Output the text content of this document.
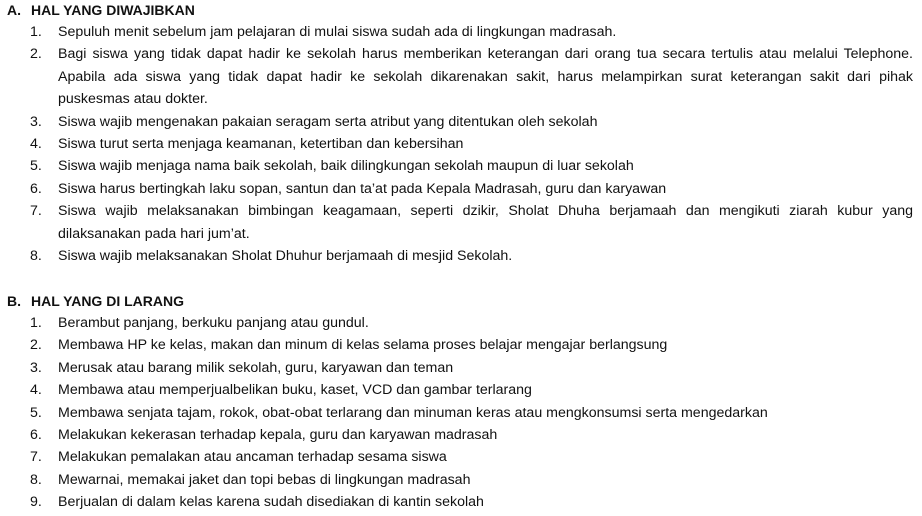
A. HAL YANG DIWAJIBKAN
1.	Sepuluh menit sebelum jam pelajaran di mulai siswa sudah ada di lingkungan madrasah.
2.	Bagi siswa yang tidak dapat hadir ke sekolah harus memberikan keterangan dari orang tua secara tertulis atau melalui Telephone. Apabila ada siswa yang tidak dapat hadir ke sekolah dikarenakan sakit, harus melampirkan surat keterangan sakit dari pihak puskesmas atau dokter.
3.	Siswa wajib mengenakan pakaian seragam serta atribut yang ditentukan oleh sekolah
4.	Siswa turut serta menjaga keamanan, ketertiban dan kebersihan
5.	Siswa wajib menjaga nama baik sekolah, baik dilingkungan sekolah maupun di luar sekolah
6.	Siswa harus bertingkah laku sopan, santun dan ta’at pada Kepala Madrasah, guru dan karyawan
7.	Siswa wajib melaksanakan bimbingan keagamaan, seperti dzikir, Sholat Dhuha berjamaah dan mengikuti ziarah kubur yang dilaksanakan pada hari jum’at.
8.	Siswa wajib melaksanakan Sholat Dhuhur berjamaah di mesjid Sekolah.
B. HAL YANG DI LARANG
1.	Berambut panjang, berkuku panjang atau gundul.
2.	Membawa HP ke kelas, makan dan minum di kelas selama proses belajar mengajar berlangsung
3.	Merusak atau barang milik sekolah, guru, karyawan dan teman
4.	Membawa atau memperjualbelikan buku, kaset, VCD dan gambar terlarang
5.	Membawa senjata tajam, rokok, obat-obat terlarang dan minuman keras atau mengkonsumsi serta mengedarkan
6.	Melakukan kekerasan terhadap kepala, guru dan karyawan madrasah
7.	Melakukan pemalakan atau ancaman terhadap sesama siswa
8.	Mewarnai, memakai jaket dan topi bebas di lingkungan madrasah
9.	Berjualan di dalam kelas karena sudah disediakan di kantin sekolah
